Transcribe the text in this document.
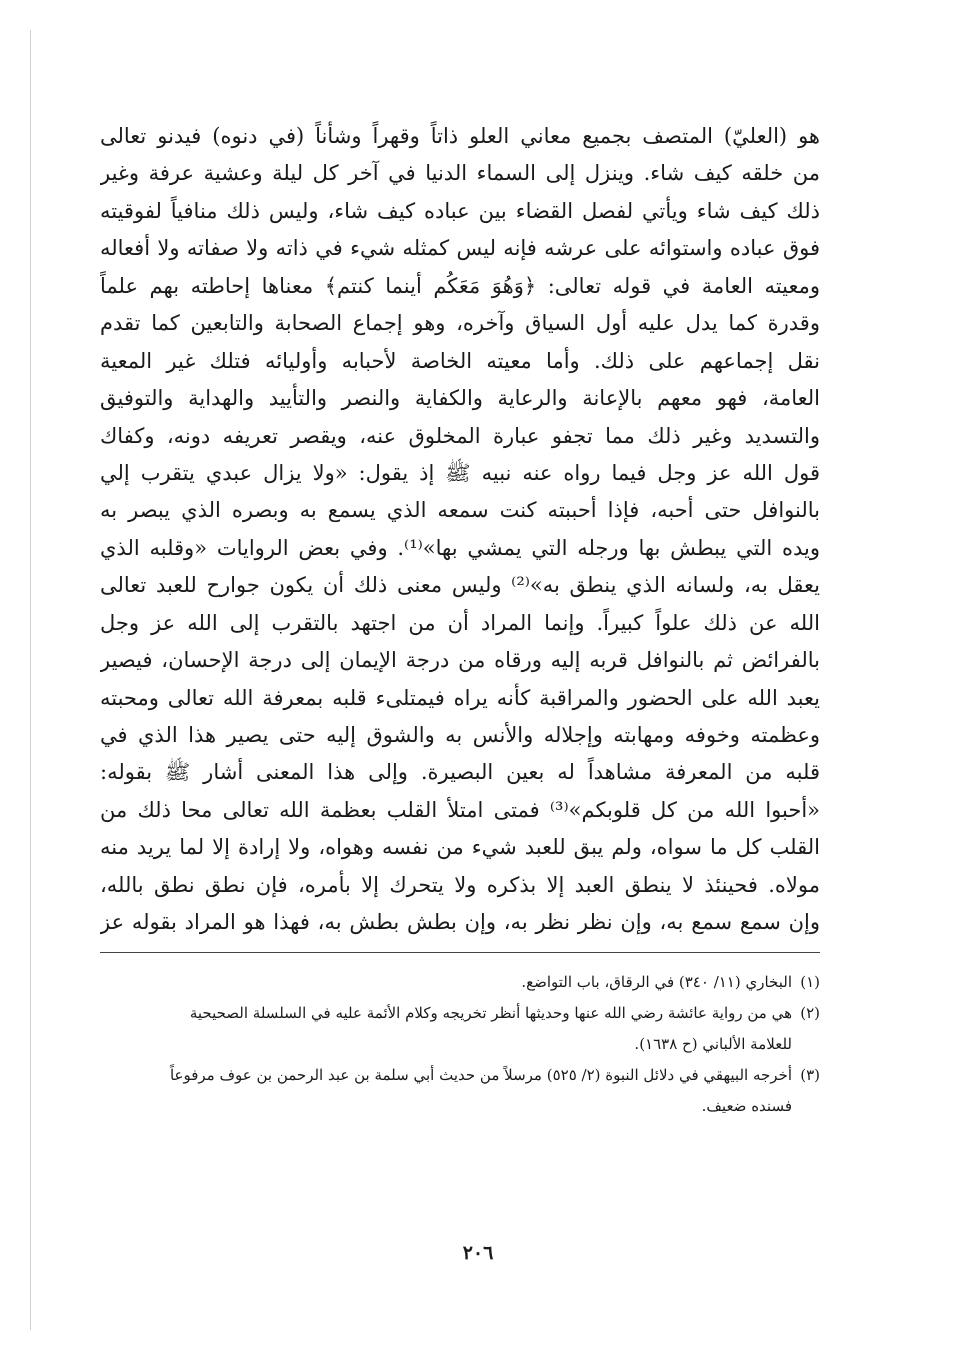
هو (العليّ) المتصف بجميع معاني العلو ذاتاً وقهراً وشأناً (في دنوه) فيدنو تعالى
من خلقه كيف شاء. وينزل إلى السماء الدنيا في آخر كل ليلة وعشية عرفة وغير
ذلك كيف شاء ويأتي لفصل القضاء بين عباده كيف شاء، وليس ذلك منافياً لفوقيته
فوق عباده واستوائه على عرشه فإنه ليس كمثله شيء في ذاته ولا صفاته ولا أفعاله
ومعيته العامة في قوله تعالى: ﴿وَهُوَ مَعَكُم أينما كنتم﴾ معناها إحاطته بهم علماً
وقدرة كما يدل عليه أول السياق وآخره، وهو إجماع الصحابة والتابعين كما تقدم
نقل إجماعهم على ذلك. وأما معيته الخاصة لأحبابه وأوليائه فتلك غير المعية
العامة، فهو معهم بالإعانة والرعاية والكفاية والنصر والتأييد والهداية والتوفيق
والتسديد وغير ذلك مما تجفو عبارة المخلوق عنه، ويقصر تعريفه دونه، وكفاك
قول الله عز وجل فيما رواه عنه نبيه ﷺ إذ يقول: «ولا يزال عبدي يتقرب إلي
بالنوافل حتى أحبه، فإذا أحببته كنت سمعه الذي يسمع به وبصره الذي يبصر به
ويده التي يبطش بها ورجله التي يمشي بها»⁽¹⁾. وفي بعض الروايات «وقلبه الذي
يعقل به، ولسانه الذي ينطق به»⁽²⁾ وليس معنى ذلك أن يكون جوارح للعبد تعالى
الله عن ذلك علواً كبيراً. وإنما المراد أن من اجتهد بالتقرب إلى الله عز وجل
بالفرائض ثم بالنوافل قربه إليه ورقاه من درجة الإيمان إلى درجة الإحسان، فيصير
يعبد الله على الحضور والمراقبة كأنه يراه فيمتلىء قلبه بمعرفة الله تعالى ومحبته
وعظمته وخوفه ومهابته وإجلاله والأنس به والشوق إليه حتى يصير هذا الذي في
قلبه من المعرفة مشاهداً له بعين البصيرة. وإلى هذا المعنى أشار ﷺ بقوله:
«أحبوا الله من كل قلوبكم»⁽³⁾ فمتى امتلأ القلب بعظمة الله تعالى محا ذلك من
القلب كل ما سواه، ولم يبق للعبد شيء من نفسه وهواه، ولا إرادة إلا لما يريد منه
مولاه. فحينئذ لا ينطق العبد إلا بذكره ولا يتحرك إلا بأمره، فإن نطق نطق بالله،
وإن سمع سمع به، وإن نظر نظر به، وإن بطش بطش به، فهذا هو المراد بقوله عز
(١)البخاري (١١/ ٣٤٠) في الرقاق، باب التواضع.
(٢)هي من رواية عائشة رضي الله عنها وحديثها أنظر تخريجه وكلام الأئمة عليه في السلسلة الصحيحية
للعلامة الألباني (ح ١٦٣٨).
(٣)أخرجه البيهقي في دلائل النبوة (٢/ ٥٢٥) مرسلاً من حديث أبي سلمة بن عبد الرحمن بن عوف مرفوعاً
فسنده ضعيف.
٢٠٦
